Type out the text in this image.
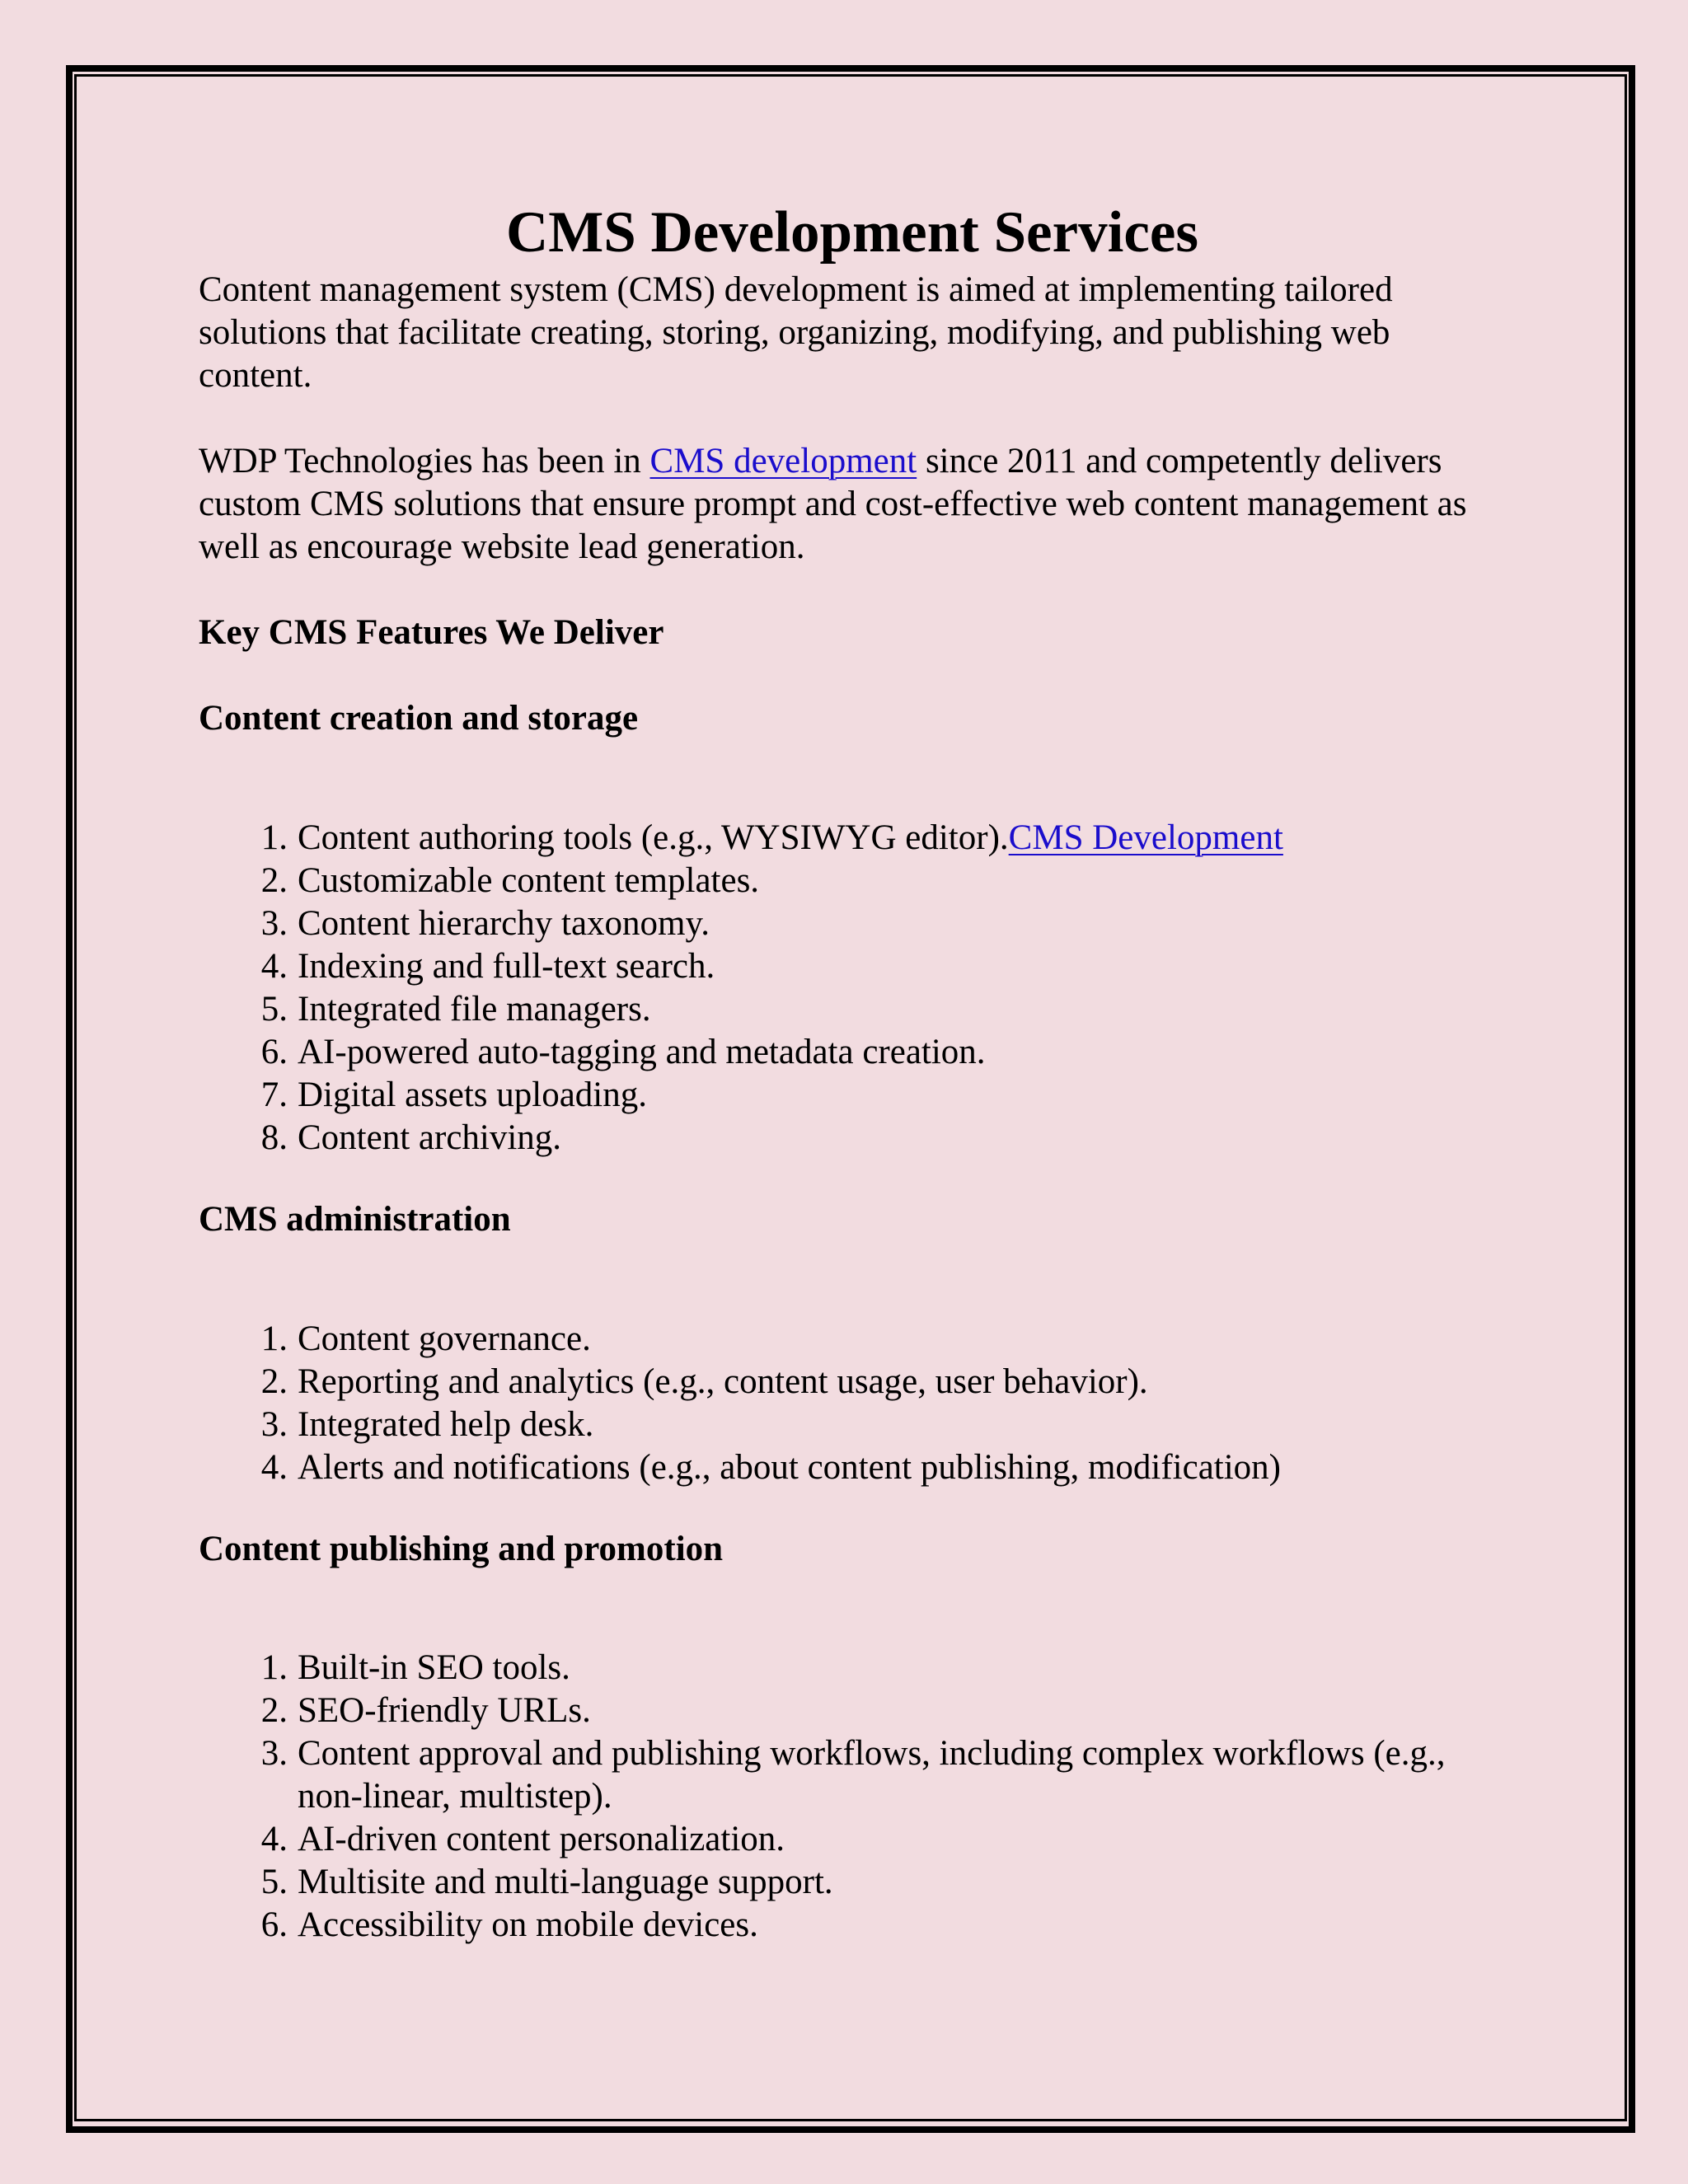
CMS Development Services

Content management system (CMS) development is aimed at implementing tailored solutions that facilitate creating, storing, organizing, modifying, and publishing web content.

WDP Technologies has been in CMS development since 2011 and competently delivers custom CMS solutions that ensure prompt and cost-effective web content management as well as encourage website lead generation.

Key CMS Features We Deliver
Content creation and storage
1. Content authoring tools (e.g., WYSIWYG editor).CMS Development
2. Customizable content templates.
3. Content hierarchy taxonomy.
4. Indexing and full-text search.
5. Integrated file managers.
6. AI-powered auto-tagging and metadata creation.
7. Digital assets uploading.
8. Content archiving.
CMS administration
1. Content governance.
2. Reporting and analytics (e.g., content usage, user behavior).
3. Integrated help desk.
4. Alerts and notifications (e.g., about content publishing, modification)
Content publishing and promotion
1. Built-in SEO tools.
2. SEO-friendly URLs.
3. Content approval and publishing workflows, including complex workflows (e.g., non-linear, multistep).
4. AI-driven content personalization.
5. Multisite and multi-language support.
6. Accessibility on mobile devices.
